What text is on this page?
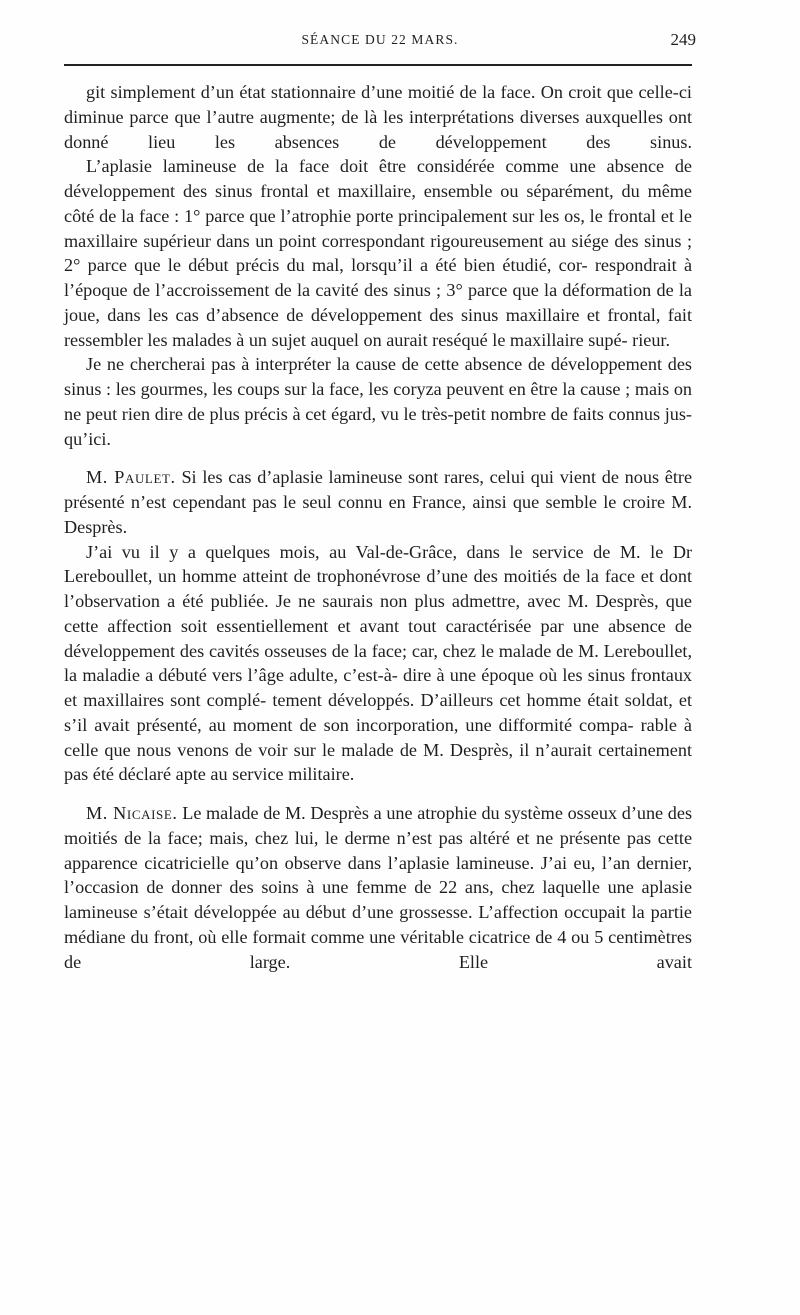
SÉANCE DU 22 MARS.	249

git simplement d’un état stationnaire d’une moitié de la face. On croit que celle-ci diminue parce que l’autre augmente; de là les interprétations diverses auxquelles ont donné lieu les absences de développement des sinus.

L’aplasie lamineuse de la face doit être considérée comme une absence de développement des sinus frontal et maxillaire, ensemble ou séparément, du même côté de la face : 1° parce que l’atrophie porte principalement sur les os, le frontal et le maxillaire supérieur dans un point correspondant rigoureusement au siége des sinus ; 2° parce que le début précis du mal, lorsqu’il a été bien étudié, cor- respondrait à l’époque de l’accroissement de la cavité des sinus ; 3° parce que la déformation de la joue, dans les cas d’absence de développement des sinus maxillaire et frontal, fait ressembler les malades à un sujet auquel on aurait reséqué le maxillaire supé- rieur.

Je ne chercherai pas à interpréter la cause de cette absence de développement des sinus : les gourmes, les coups sur la face, les coryza peuvent en être la cause ; mais on ne peut rien dire de plus précis à cet égard, vu le très-petit nombre de faits connus jus- qu’ici.

M. Paulet. Si les cas d’aplasie lamineuse sont rares, celui qui vient de nous être présenté n’est cependant pas le seul connu en France, ainsi que semble le croire M. Desprès.

J’ai vu il y a quelques mois, au Val-de-Grâce, dans le service de M. le Dr Lereboullet, un homme atteint de trophonévrose d’une des moitiés de la face et dont l’observation a été publiée. Je ne saurais non plus admettre, avec M. Desprès, que cette affection soit essentiellement et avant tout caractérisée par une absence de développement des cavités osseuses de la face; car, chez le malade de M. Lereboullet, la maladie a débuté vers l’âge adulte, c’est-à- dire à une époque où les sinus frontaux et maxillaires sont complé- tement développés. D’ailleurs cet homme était soldat, et s’il avait présenté, au moment de son incorporation, une difformité compa- rable à celle que nous venons de voir sur le malade de M. Desprès, il n’aurait certainement pas été déclaré apte au service militaire.

M. Nicaise. Le malade de M. Desprès a une atrophie du système osseux d’une des moitiés de la face; mais, chez lui, le derme n’est pas altéré et ne présente pas cette apparence cicatricielle qu’on observe dans l’aplasie lamineuse. J’ai eu, l’an dernier, l’occasion de donner des soins à une femme de 22 ans, chez laquelle une aplasie lamineuse s’était développée au début d’une grossesse. L’affection occupait la partie médiane du front, où elle formait comme une véritable cicatrice de 4 ou 5 centimètres de large. Elle avait
